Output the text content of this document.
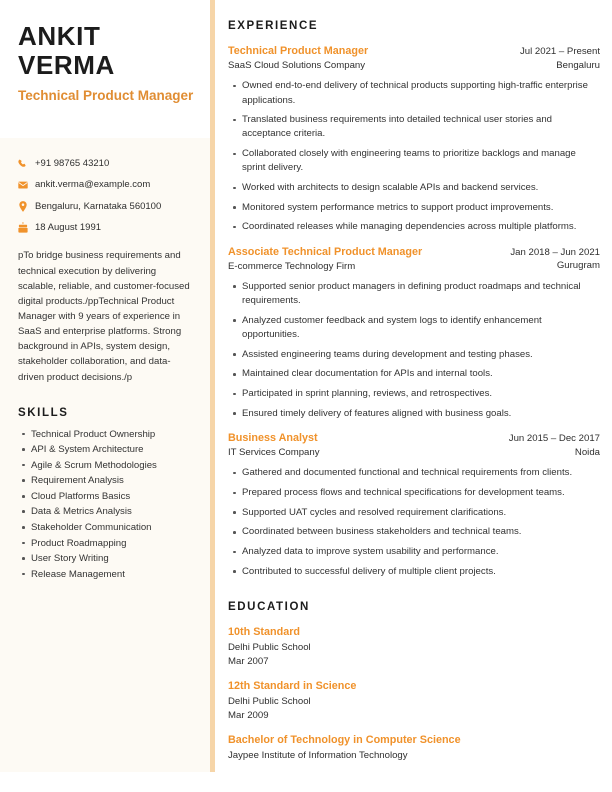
ANKIT VERMA
Technical Product Manager
+91 98765 43210
ankit.verma@example.com
Bengaluru, Karnataka 560100
18 August 1991

pTo bridge business requirements and technical execution by delivering scalable, reliable, and customer-focused digital products./ppTechnical Product Manager with 9 years of experience in SaaS and enterprise platforms. Strong background in APIs, system design, stakeholder collaboration, and data-driven product decisions./p

SKILLS
Technical Product Ownership
API & System Architecture
Agile & Scrum Methodologies
Requirement Analysis
Cloud Platforms Basics
Data & Metrics Analysis
Stakeholder Communication
Product Roadmapping
User Story Writing
Release Management
EXPERIENCE
Technical Product Manager
SaaS Cloud Solutions Company
Jul 2021 – Present
Bengaluru
Owned end-to-end delivery of technical products supporting high-traffic enterprise applications.
Translated business requirements into detailed technical user stories and acceptance criteria.
Collaborated closely with engineering teams to prioritize backlogs and manage sprint delivery.
Worked with architects to design scalable APIs and backend services.
Monitored system performance metrics to support product improvements.
Coordinated releases while managing dependencies across multiple platforms.
Associate Technical Product Manager
E-commerce Technology Firm
Jan 2018 – Jun 2021
Gurugram
Supported senior product managers in defining product roadmaps and technical requirements.
Analyzed customer feedback and system logs to identify enhancement opportunities.
Assisted engineering teams during development and testing phases.
Maintained clear documentation for APIs and internal tools.
Participated in sprint planning, reviews, and retrospectives.
Ensured timely delivery of features aligned with business goals.
Business Analyst
IT Services Company
Jun 2015 – Dec 2017
Noida
Gathered and documented functional and technical requirements from clients.
Prepared process flows and technical specifications for development teams.
Supported UAT cycles and resolved requirement clarifications.
Coordinated between business stakeholders and technical teams.
Analyzed data to improve system usability and performance.
Contributed to successful delivery of multiple client projects.
EDUCATION
10th Standard
Delhi Public School
Mar 2007
12th Standard in Science
Delhi Public School
Mar 2009
Bachelor of Technology in Computer Science
Jaypee Institute of Information Technology
